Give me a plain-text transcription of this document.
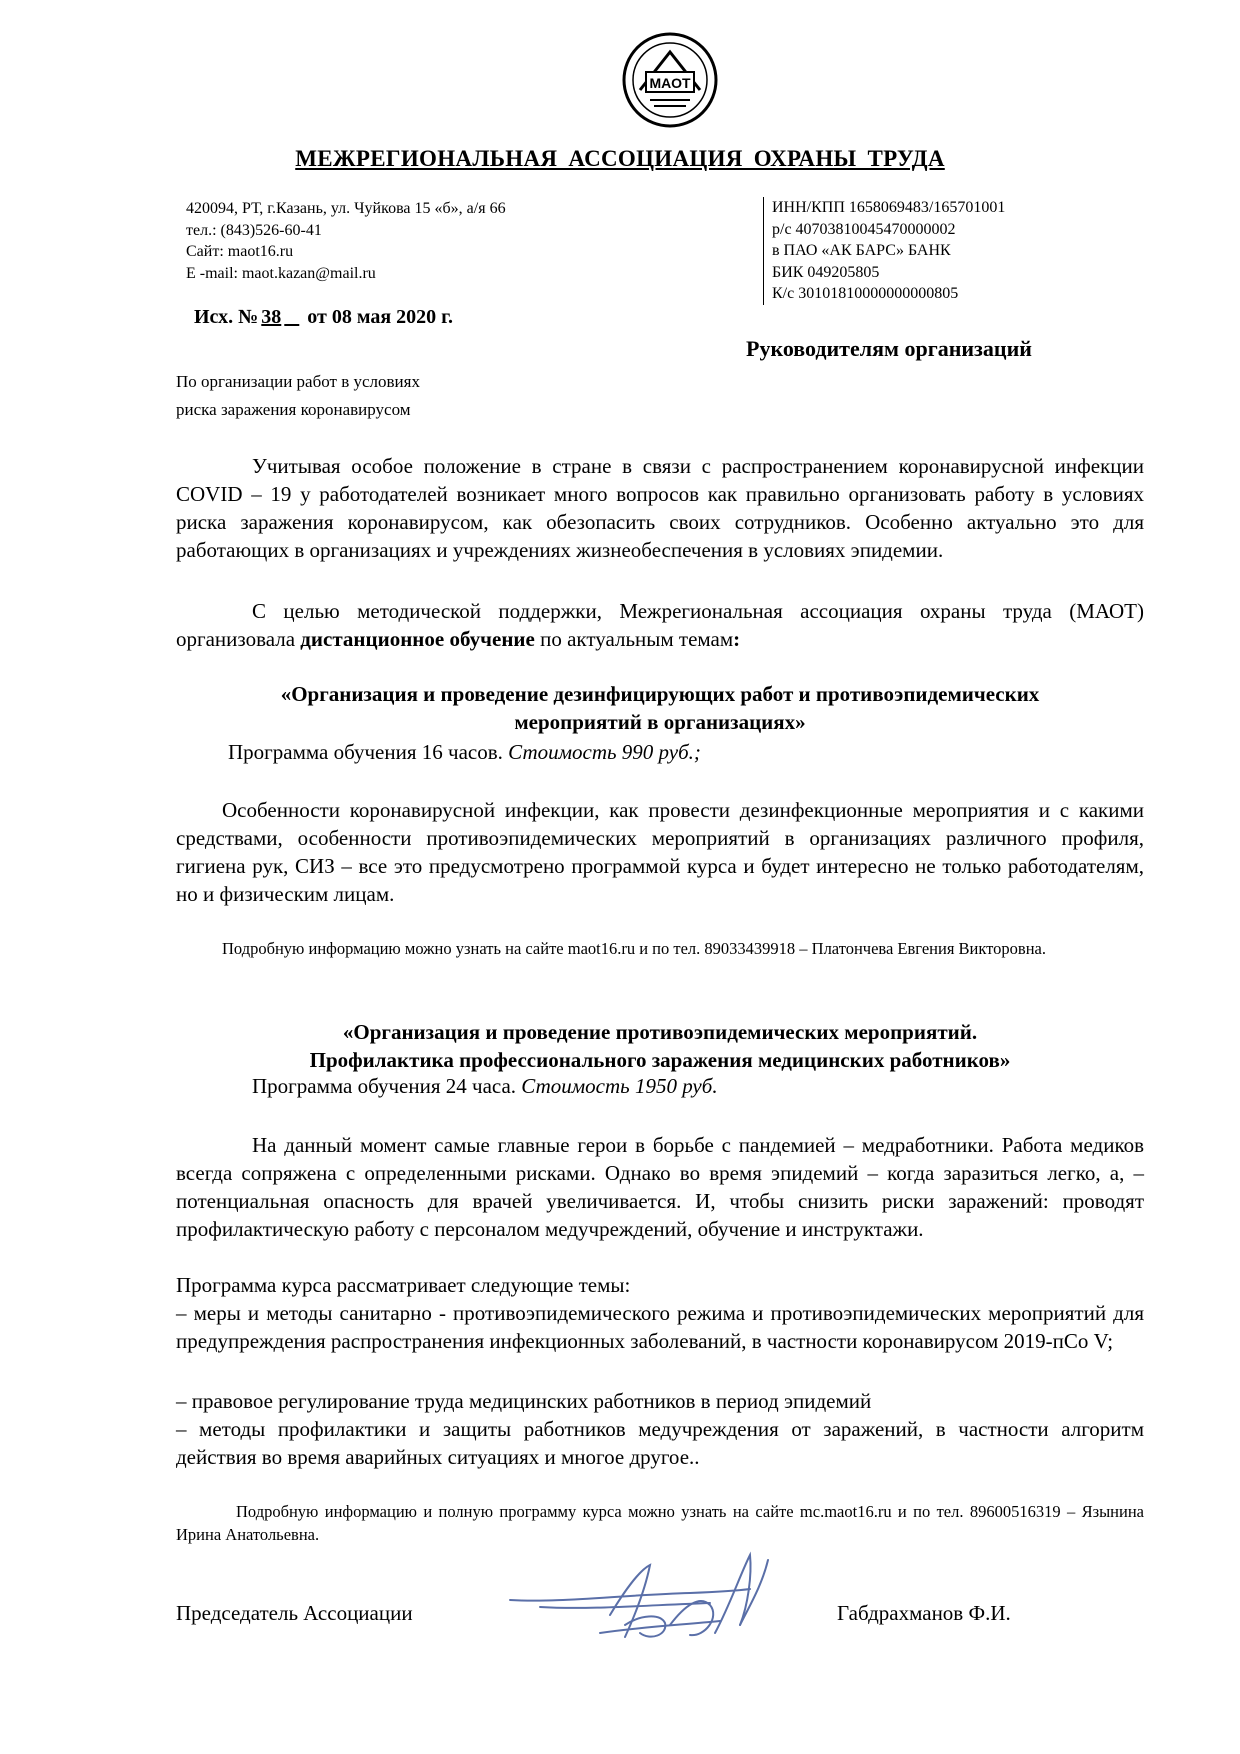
МАОТ
МЕЖРЕГИОНАЛЬНАЯ АССОЦИАЦИЯ ОХРАНЫ ТРУДА
420094, РТ, г.Казань, ул. Чуйкова 15 «б», а/я 66
тел.: (843)526-60-41
Сайт: maot16.ru
E -mail: maot.kazan@mail.ru
ИНН/КПП 1658069483/165701001
р/с 40703810045470000002
в ПАО «АК БАРС» БАНК
БИК 049205805
К/с 30101810000000000805
Исх. № 38 от 08 мая 2020 г.
Руководителям организаций
По организации работ в условиях
риска заражения коронавирусом
Учитывая особое положение в стране в связи с распространением коронавирусной инфекции COVID – 19 у работодателей возникает много вопросов как правильно организовать работу в условиях риска заражения коронавирусом, как обезопасить своих сотрудников. Особенно актуально это для работающих в организациях и учреждениях жизнеобеспечения в условиях эпидемии.
С целью методической поддержки, Межрегиональная ассоциация охраны труда (МАОТ) организовала дистанционное обучение по актуальным темам:
«Организация и проведение дезинфицирующих работ и противоэпидемических
мероприятий в организациях»
Программа обучения 16 часов. Стоимость 990 руб.;
Особенности коронавирусной инфекции, как провести дезинфекционные мероприятия и с какими средствами, особенности противоэпидемических мероприятий в организациях различного профиля, гигиена рук, СИЗ – все это предусмотрено программой курса и будет интересно не только работодателям, но и физическим лицам.
Подробную информацию можно узнать на сайте maot16.ru и по тел. 89033439918 – Платончева Евгения Викторовна.
«Организация и проведение противоэпидемических мероприятий.
Профилактика профессионального заражения медицинских работников»
Программа обучения 24 часа. Стоимость 1950 руб.
На данный момент самые главные герои в борьбе с пандемией – медработники. Работа медиков всегда сопряжена с определенными рисками. Однако во время эпидемий – когда заразиться легко, а, – потенциальная опасность для врачей увеличивается. И, чтобы снизить риски заражений: проводят профилактическую работу с персоналом медучреждений, обучение и инструктажи.
Программа курса рассматривает следующие темы:
– меры и методы санитарно - противоэпидемического режима и противоэпидемических мероприятий для предупреждения распространения инфекционных заболеваний, в частности коронавирусом 2019-пСо V;
– правовое регулирование труда медицинских работников в период эпидемий
– методы профилактики и защиты работников медучреждения от заражений, в частности алгоритм действия во время аварийных ситуациях и многое другое..
Подробную информацию и полную программу курса можно узнать на сайте mc.maot16.ru и по тел. 89600516319 – Язынина Ирина Анатольевна.
Председатель Ассоциации	Габдрахманов Ф.И.
